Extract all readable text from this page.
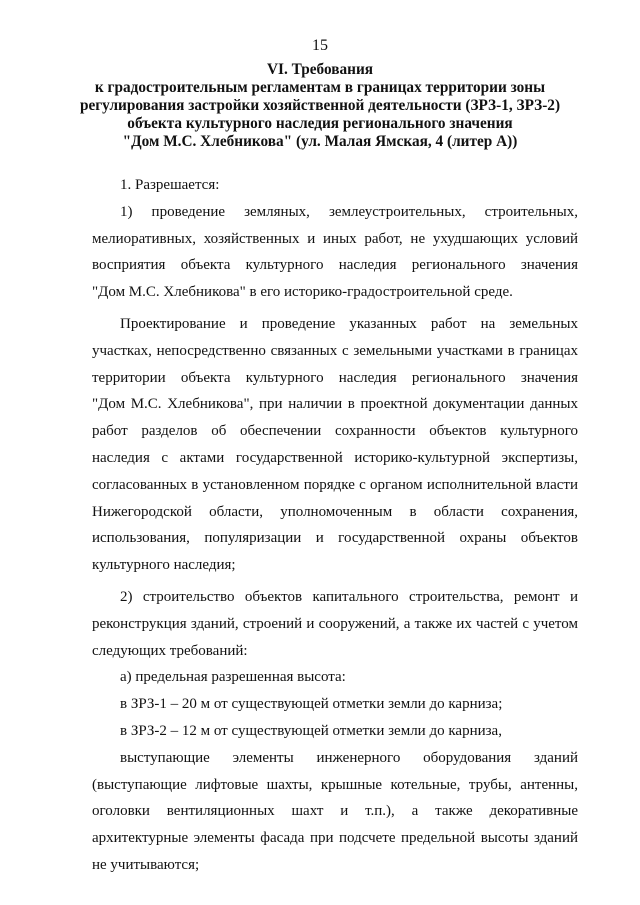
15
VI. Требования
к градостроительным регламентам в границах территории зоны
регулирования застройки хозяйственной деятельности (ЗРЗ-1, ЗРЗ-2)
объекта культурного наследия регионального значения
"Дом М.С. Хлебникова" (ул. Малая Ямская, 4 (литер А))
1. Разрешается:
1) проведение земляных, землеустроительных, строительных,
мелиоративных, хозяйственных и иных работ, не ухудшающих условий
восприятия объекта культурного наследия регионального значения
"Дом М.С. Хлебникова" в его историко-градостроительной среде.
Проектирование и проведение указанных работ на земельных
участках, непосредственно связанных с земельными участками в границах
территории объекта культурного наследия регионального значения
"Дом М.С. Хлебникова", при наличии в проектной документации данных
работ разделов об обеспечении сохранности объектов культурного
наследия с актами государственной историко-культурной экспертизы,
согласованных в установленном порядке с органом исполнительной власти
Нижегородской области, уполномоченным в области сохранения,
использования, популяризации и государственной охраны объектов
культурного наследия;
2) строительство объектов капитального строительства, ремонт и
реконструкция зданий, строений и сооружений, а также их частей с учетом
следующих требований:
а) предельная разрешенная высота:
в ЗРЗ-1 – 20 м от существующей отметки земли до карниза;
в ЗРЗ-2 – 12 м от существующей отметки земли до карниза,
выступающие элементы инженерного оборудования зданий
(выступающие лифтовые шахты, крышные котельные, трубы, антенны,
оголовки вентиляционных шахт и т.п.), а также декоративные
архитектурные элементы фасада при подсчете предельной высоты зданий
не учитываются;
